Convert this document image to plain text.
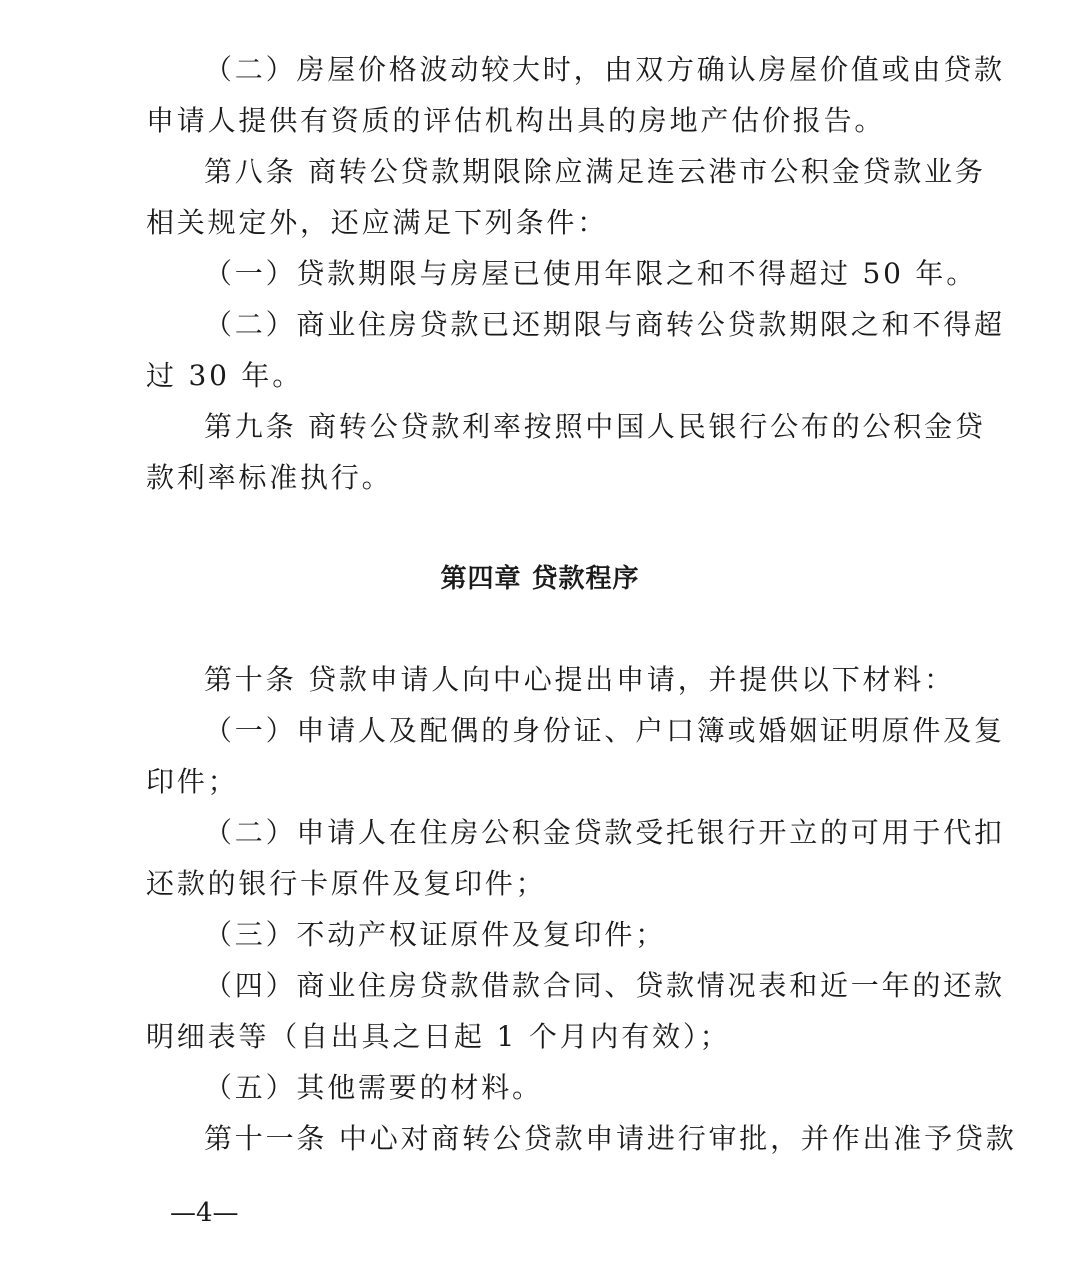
（二）房屋价格波动较大时，由双方确认房屋价值或由贷款
申请人提供有资质的评估机构出具的房地产估价报告。
第八条 商转公贷款期限除应满足连云港市公积金贷款业务
相关规定外，还应满足下列条件：
（一）贷款期限与房屋已使用年限之和不得超过 50 年。
（二）商业住房贷款已还期限与商转公贷款期限之和不得超
过 30 年。
第九条 商转公贷款利率按照中国人民银行公布的公积金贷
款利率标准执行。
第四章 贷款程序
第十条 贷款申请人向中心提出申请，并提供以下材料：
（一）申请人及配偶的身份证、户口簿或婚姻证明原件及复
印件；
（二）申请人在住房公积金贷款受托银行开立的可用于代扣
还款的银行卡原件及复印件；
（三）不动产权证原件及复印件；
（四）商业住房贷款借款合同、贷款情况表和近一年的还款
明细表等（自出具之日起 1 个月内有效）；
（五）其他需要的材料。
第十一条 中心对商转公贷款申请进行审批，并作出准予贷款
—4—
